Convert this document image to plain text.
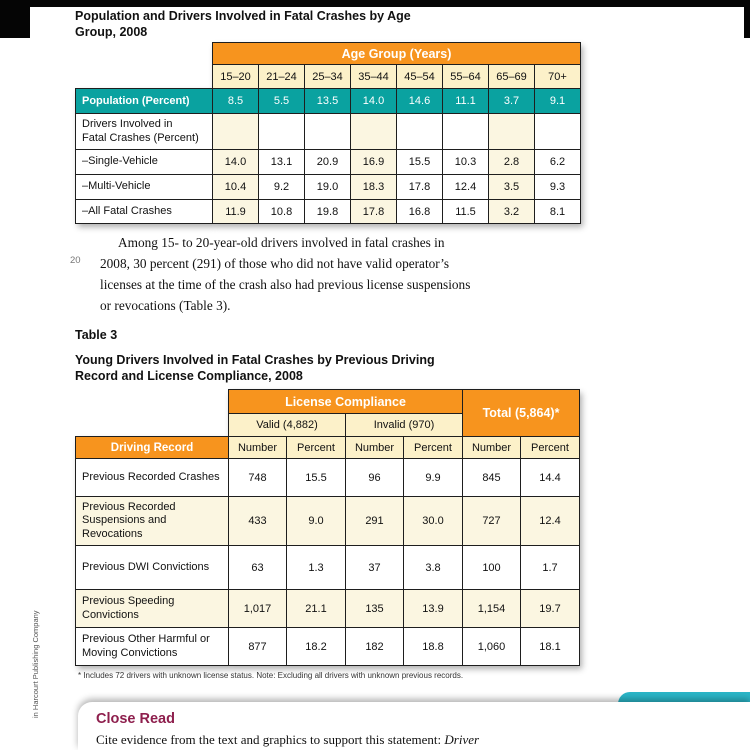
Population and Drivers Involved in Fatal Crashes by Age
Group, 2008
	Age Group (Years)							
	15–20	21–24	25–34	35–44	45–54	55–64	65–69	70+
Population (Percent)	8.5	5.5	13.5	14.0	14.6	11.1	3.7	9.1

Drivers Involved in
Fatal Crashes (Percent)								

–Single-Vehicle	14.0	13.1	20.9	16.9	15.5	10.3	2.8	6.2
–Multi-Vehicle	10.4	9.2	19.0	18.3	17.8	12.4	3.5	9.3
–All Fatal Crashes	11.9	10.8	19.8	17.8	16.8	11.5	3.2	8.1
20
Among 15- to 20-year-old drivers involved in fatal crashes in
2008, 30 percent (291) of those who did not have valid operator’s
licenses at the time of the crash also had previous license suspensions
or revocations (Table 3).
Table 3
Young Drivers Involved in Fatal Crashes by Previous Driving
Record and License Compliance, 2008
	License Compliance				Total (5,864)*	
	Valid (4,882)		Invalid (970)			
Driving Record	Number	Percent	Number	Percent	Number	Percent
Previous Recorded Crashes	748	15.5	96	9.9	845	14.4
Previous Recorded Suspensions and Revocations	433	9.0	291	30.0	727	12.4
Previous DWI Convictions	63	1.3	37	3.8	100	1.7
Previous Speeding Convictions	1,017	21.1	135	13.9	1,154	19.7
Previous Other Harmful or Moving Convictions	877	18.2	182	18.8	1,060	18.1
* Includes 72 drivers with unknown license status. Note: Excluding all drivers with unknown previous records.
in Harcourt Publishing Company
Close Read
Cite evidence from the text and graphics to support this statement: Driver
